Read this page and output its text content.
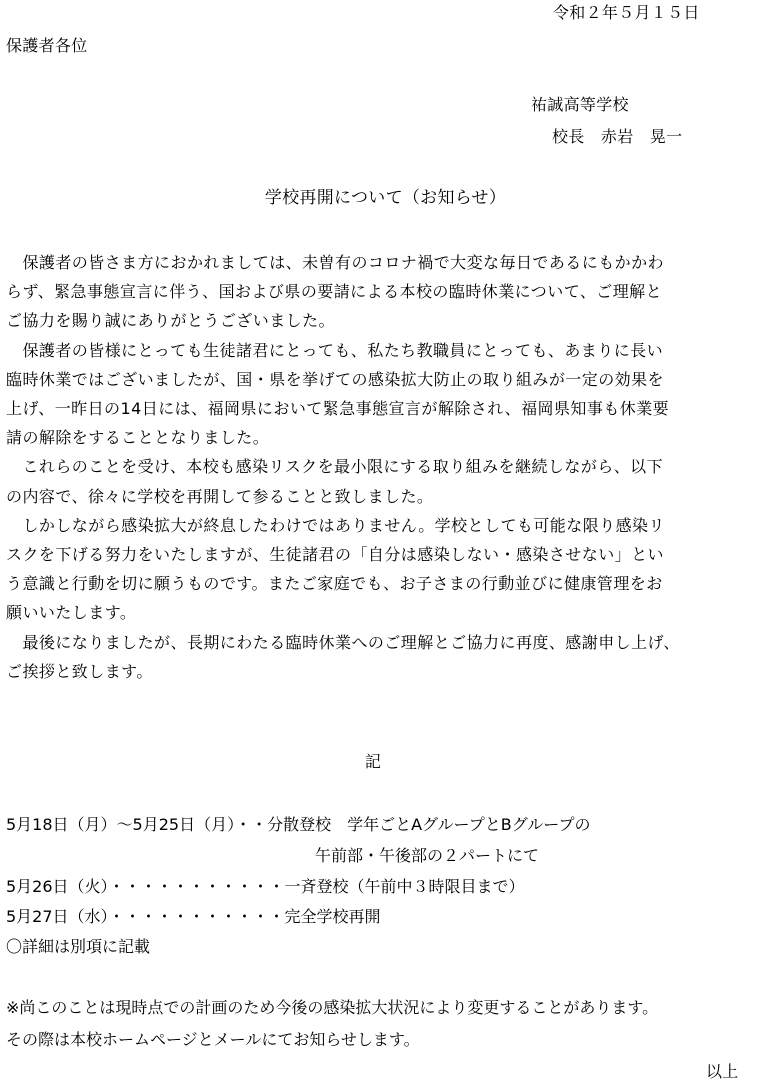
令和２年５月１５日
保護者各位
祐誠高等学校
校長　赤岩　晃一
学校再開について（お知らせ）

　保護者の皆さま方におかれましては、未曽有のコロナ禍で大変な毎日であるにもかかわ

らず、緊急事態宣言に伴う、国および県の要請による本校の臨時休業について、ご理解と

ご協力を賜り誠にありがとうございました。

　保護者の皆様にとっても生徒諸君にとっても、私たち教職員にとっても、あまりに長い

臨時休業ではございましたが、国・県を挙げての感染拡大防止の取り組みが一定の効果を

上げ、一昨日の14日には、福岡県において緊急事態宣言が解除され、福岡県知事も休業要

請の解除をすることとなりました。

　これらのことを受け、本校も感染リスクを最小限にする取り組みを継続しながら、以下

の内容で、徐々に学校を再開して参ることと致しました。

　しかしながら感染拡大が終息したわけではありません。学校としても可能な限り感染リ

スクを下げる努力をいたしますが、生徒諸君の「自分は感染しない・感染させない」とい

う意識と行動を切に願うものです。またご家庭でも、お子さまの行動並びに健康管理をお

願いいたします。

　最後になりましたが、長期にわたる臨時休業へのご理解とご協力に再度、感謝申し上げ、

ご挨拶と致します。

記
5月18日（月）～5月25日（月）・・分散登校　学年ごとAグループとBグループの
午前部・午後部の２パートにて
5月26日（火）・・・・・・・・・・・一斉登校（午前中３時限目まで）
5月27日（水）・・・・・・・・・・・完全学校再開
〇詳細は別項に記載
※尚このことは現時点での計画のため今後の感染拡大状況により変更することがあります。
その際は本校ホームページとメールにてお知らせします。
以上
